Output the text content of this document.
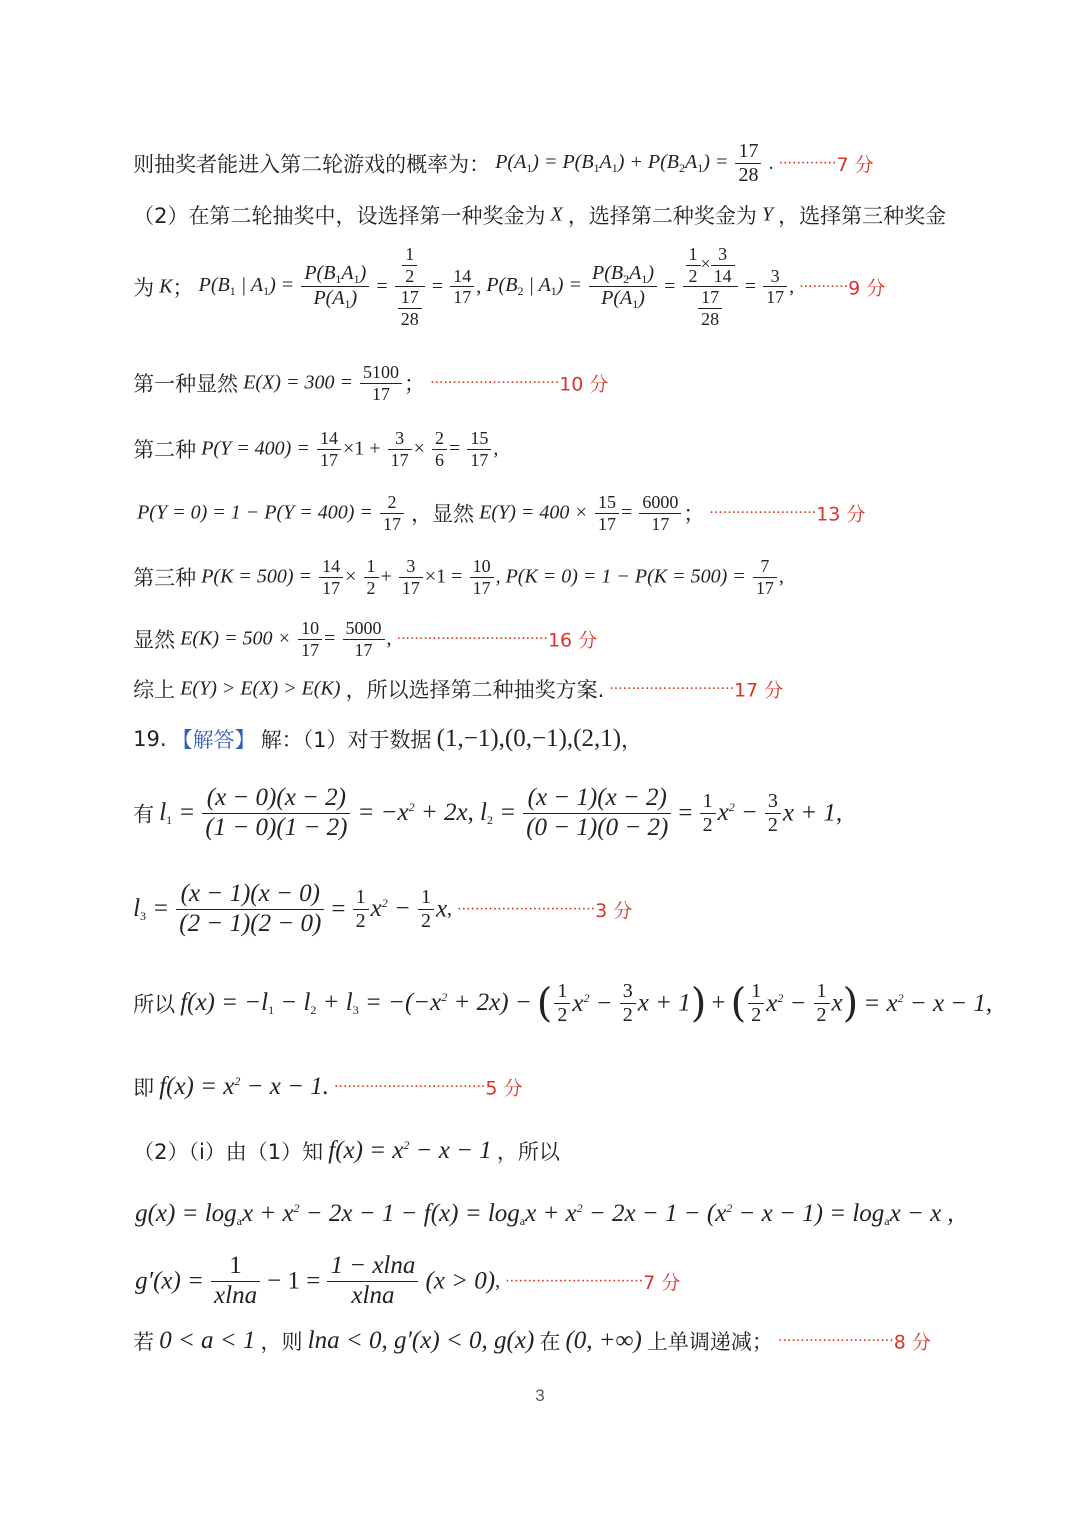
则抽奖者能进入第二轮游戏的概率为： $P(A_1) = P(B_1A_1) + P(B_2A_1) = \frac{17}{28}$ . ·············7 分
（2）在第二轮抽奖中，设选择第一种奖金为 X ，选择第二种奖金为 Y ，选择第三种奖金
为 K； $P(B_1$ | $A_1) = \frac{P(B_1A_1)}{P(A_1)} = \frac{\frac{1}{2}}{\frac{17}{28}} = \frac{14}{17}$ , $P(B_2$ | $A_1) = \frac{P(B_2A_1)}{P(A_1)} = \frac{\frac{1}{2} \times \frac{3}{14}}{\frac{17}{28}} = \frac{3}{17}$ , ···········9 分
第一种显然 $E(X) = 300 = \frac{5100}{17}$ ； ·····························10 分
第二种 $P(Y = 400) = \frac{14}{17} \times 1 + \frac{3}{17} \times \frac{2}{6} = \frac{15}{17}$ ,
$P(Y = 0) = 1 - P(Y = 400) = \frac{2}{17}$ ，显然 $E(Y) = 400 \times \frac{15}{17} = \frac{6000}{17}$ ； ························13 分
第三种 $P(K = 500) = \frac{14}{17} \times \frac{1}{2} + \frac{3}{17} \times 1 = \frac{10}{17}$ , $P(K = 0) = 1 - P(K = 500) = \frac{7}{17}$ ,
显然 $E(K) = 500 \times \frac{10}{17} = \frac{5000}{17}$ , ··································16 分
综上 E(Y) > E(X) > E(K) ，所以选择第二种抽奖方案. ····························17 分
19. 【解答】 解：（1）对于数据 (1,−1),(0,−1),(2,1)，
有 $l_1 = \frac{(x - 0)(x - 2)}{(1 - 0)(1 - 2)} = -x^2 + 2x$, $l_2 = \frac{(x - 1)(x - 2)}{(0 - 1)(0 - 2)} = \frac{1}{2} x^2 - \frac{3}{2}$ x + 1,
$l_3 = \frac{(x - 1)(x - 0)}{(2 - 1)(2 - 0)} = \frac{1}{2} x^2 - \frac{1}{2} x$, ·······························3 分
所以 $f(x) = -l_1 - l_2 + l_3 = -(-x^2 + 2x)$ − ( $\frac{1}{2} x^2 - \frac{3}{2}$ x + 1) + ( $\frac{1}{2} x^2 - \frac{1}{2} x) = x^2 - x - 1$,
即 $f(x) = x^2 - x - 1$. ··································5 分
（2）（i）由（1）知 $f(x) = x^2 - x - 1$ ，所以
$g(x) = \log_ax + x^2 - 2x - 1 - f(x) = \log_ax + x^2 - 2x - 1 - (x^2 - x - 1) = \log_ax - x$ ,
$g'(x) = \frac{1}{xlna} - 1 = \frac{1 - xlna}{xlna} (x > 0)$, ·······························7 分
若 0 < a < 1 ，则 lna < 0, g′(x) < 0, g(x) 在 (0, +∞) 上单调递减； ··························8 分
3
